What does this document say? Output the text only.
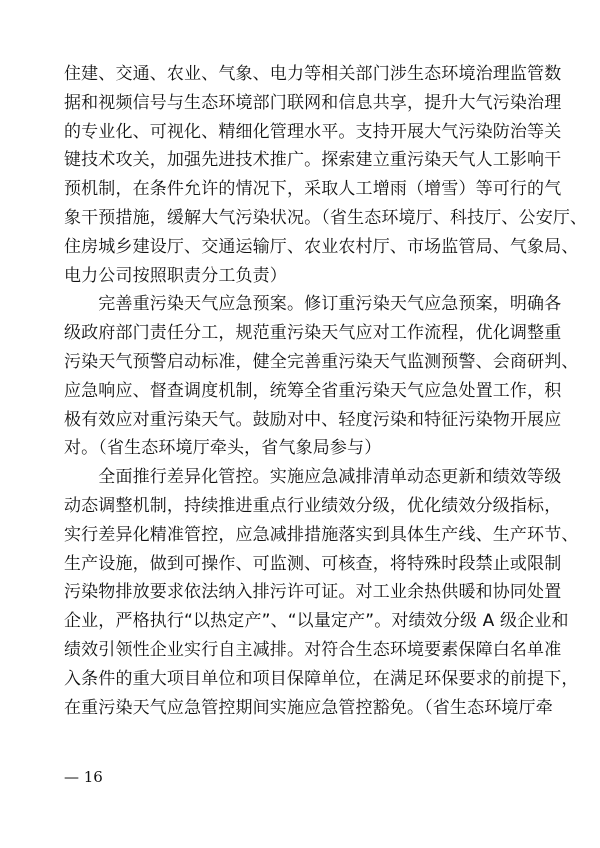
住建、交通、农业、气象、电力等相关部门涉生态环境治理监管数
据和视频信号与生态环境部门联网和信息共享，提升大气污染治理
的专业化、可视化、精细化管理水平。支持开展大气污染防治等关
键技术攻关，加强先进技术推广。探索建立重污染天气人工影响干
预机制，在条件允许的情况下，采取人工增雨（增雪）等可行的气
象干预措施，缓解大气污染状况。（省生态环境厅、科技厅、公安厅、
住房城乡建设厅、交通运输厅、农业农村厅、市场监管局、气象局、
电力公司按照职责分工负责）
　　完善重污染天气应急预案。修订重污染天气应急预案，明确各
级政府部门责任分工，规范重污染天气应对工作流程，优化调整重
污染天气预警启动标准，健全完善重污染天气监测预警、会商研判、
应急响应、督查调度机制，统筹全省重污染天气应急处置工作，积
极有效应对重污染天气。鼓励对中、轻度污染和特征污染物开展应
对。（省生态环境厅牵头，省气象局参与）
　　全面推行差异化管控。实施应急减排清单动态更新和绩效等级
动态调整机制，持续推进重点行业绩效分级，优化绩效分级指标，
实行差异化精准管控，应急减排措施落实到具体生产线、生产环节、
生产设施，做到可操作、可监测、可核查，将特殊时段禁止或限制
污染物排放要求依法纳入排污许可证。对工业余热供暖和协同处置
企业，严格执行“以热定产”、“以量定产”。对绩效分级 A 级企业和
绩效引领性企业实行自主减排。对符合生态环境要素保障白名单准
入条件的重大项目单位和项目保障单位，在满足环保要求的前提下，
在重污染天气应急管控期间实施应急管控豁免。（省生态环境厅牵
— 16
